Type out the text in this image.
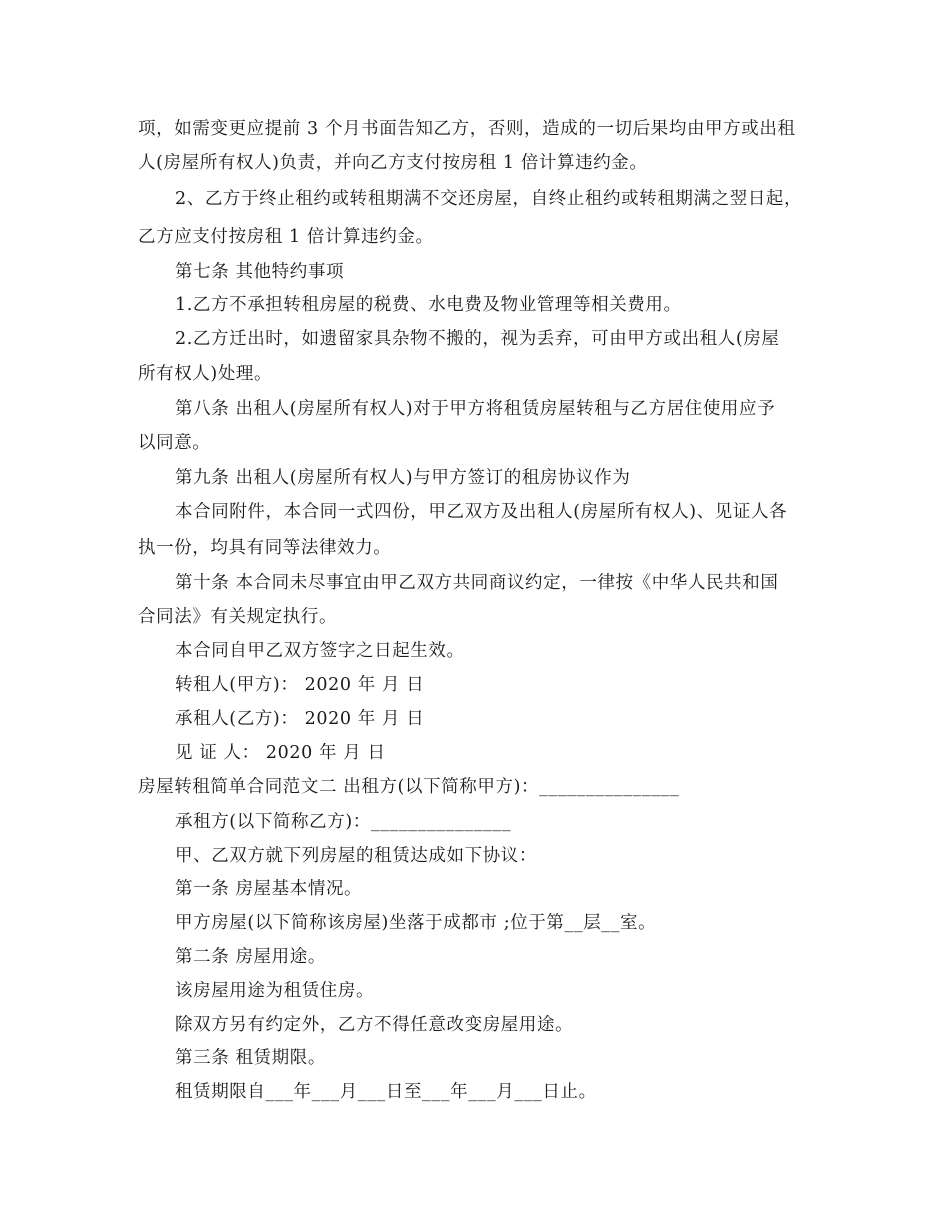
项，如需变更应提前 3 个月书面告知乙方，否则，造成的一切后果均由甲方或出租
人(房屋所有权人)负责，并向乙方支付按房租 1 倍计算违约金。
2、乙方于终止租约或转租期满不交还房屋，自终止租约或转租期满之翌日起，
乙方应支付按房租 1 倍计算违约金。
第七条 其他特约事项
1.乙方不承担转租房屋的税费、水电费及物业管理等相关费用。
2.乙方迁出时，如遗留家具杂物不搬的，视为丢弃，可由甲方或出租人(房屋
所有权人)处理。
第八条 出租人(房屋所有权人)对于甲方将租赁房屋转租与乙方居住使用应予
以同意。
第九条 出租人(房屋所有权人)与甲方签订的租房协议作为
本合同附件，本合同一式四份，甲乙双方及出租人(房屋所有权人)、见证人各
执一份，均具有同等法律效力。
第十条 本合同未尽事宜由甲乙双方共同商议约定，一律按《中华人民共和国
合同法》有关规定执行。
本合同自甲乙双方签字之日起生效。
转租人(甲方)： 2020 年 月 日
承租人(乙方)： 2020 年 月 日
见 证 人： 2020 年 月 日
房屋转租简单合同范文二 出租方(以下简称甲方)：_______________
承租方(以下简称乙方)：_______________
甲、乙双方就下列房屋的租赁达成如下协议：
第一条 房屋基本情况。
甲方房屋(以下简称该房屋)坐落于成都市 ;位于第__层__室。
第二条 房屋用途。
该房屋用途为租赁住房。
除双方另有约定外，乙方不得任意改变房屋用途。
第三条 租赁期限。
租赁期限自___年___月___日至___年___月___日止。
